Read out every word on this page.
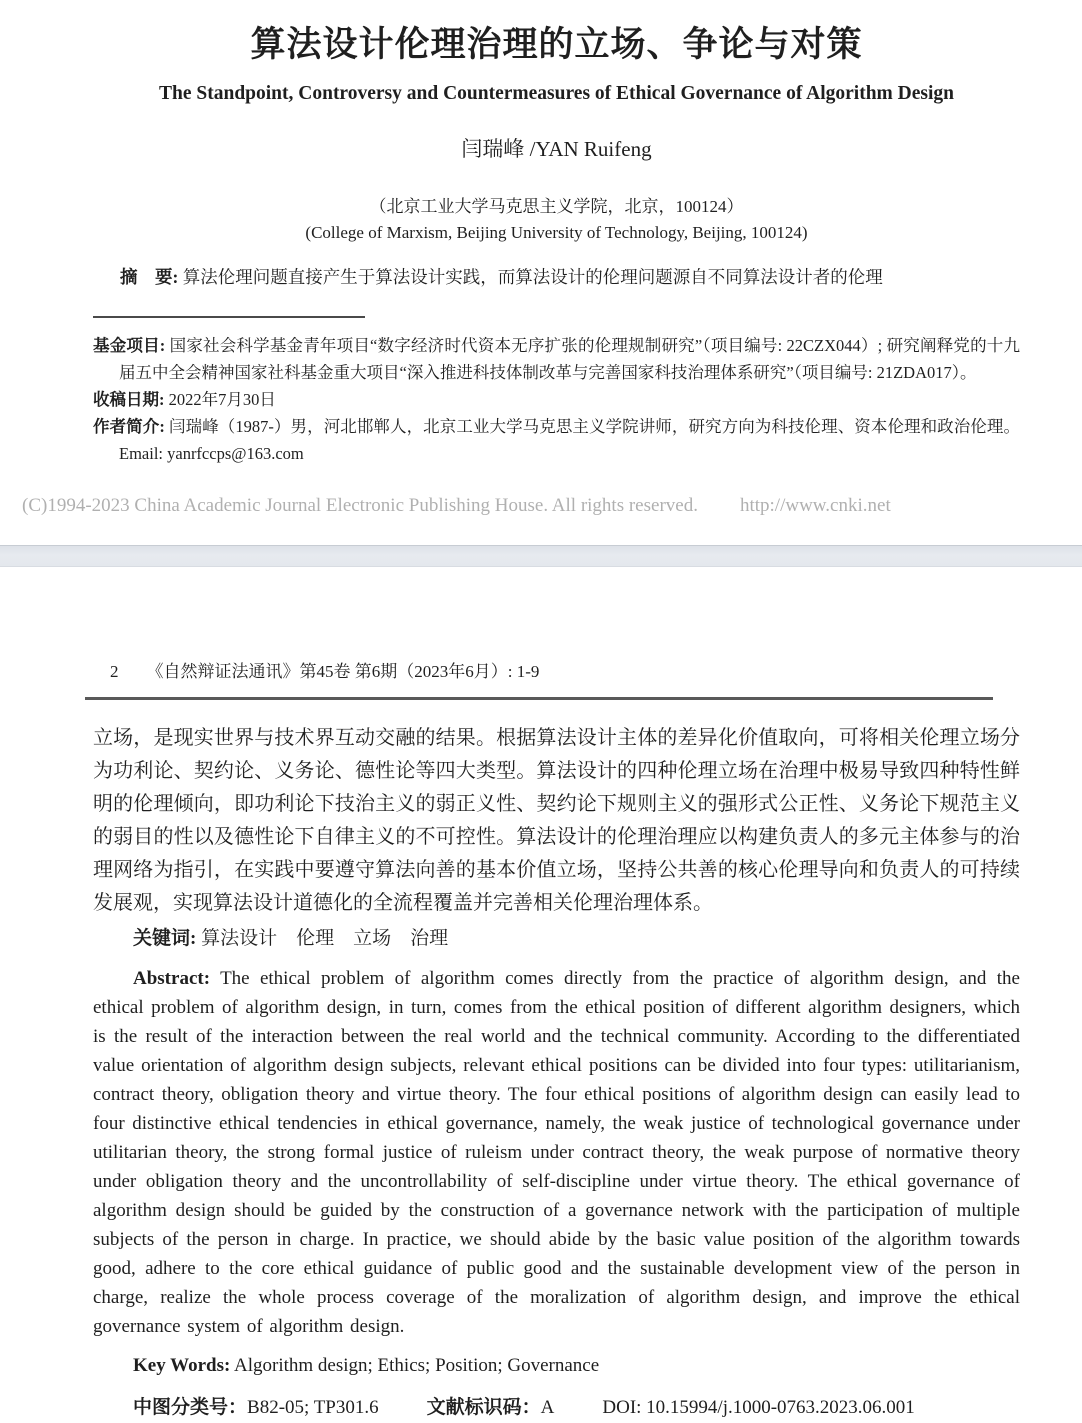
算法设计伦理治理的立场、争论与对策
The Standpoint, Controversy and Countermeasures of Ethical Governance of Algorithm Design
闫瑞峰 /YAN Ruifeng
（北京工业大学马克思主义学院，北京，100124）
(College of Marxism, Beijing University of Technology, Beijing, 100124)
摘　要: 算法伦理问题直接产生于算法设计实践，而算法设计的伦理问题源自不同算法设计者的伦理
基金项目: 国家社会科学基金青年项目“数字经济时代资本无序扩张的伦理规制研究”（项目编号: 22CZX044）; 研究阐释党的十九届五中全会精神国家社科基金重大项目“深入推进科技体制改革与完善国家科技治理体系研究”（项目编号: 21ZDA017）。
收稿日期: 2022年7月30日
作者简介: 闫瑞峰（1987-）男，河北邯郸人，北京工业大学马克思主义学院讲师，研究方向为科技伦理、资本伦理和政治伦理。Email: yanrfccps@163.com
(C)1994-2023 China Academic Journal Electronic Publishing House. All rights reserved. http://www.cnki.net
2 《自然辩证法通讯》第45卷 第6期（2023年6月）: 1-9
立场，是现实世界与技术界互动交融的结果。根据算法设计主体的差异化价值取向，可将相关伦理立场分为功利论、契约论、义务论、德性论等四大类型。算法设计的四种伦理立场在治理中极易导致四种特性鲜明的伦理倾向，即功利论下技治主义的弱正义性、契约论下规则主义的强形式公正性、义务论下规范主义的弱目的性以及德性论下自律主义的不可控性。算法设计的伦理治理应以构建负责人的多元主体参与的治理网络为指引，在实践中要遵守算法向善的基本价值立场，坚持公共善的核心伦理导向和负责人的可持续发展观，实现算法设计道德化的全流程覆盖并完善相关伦理治理体系。
关键词: 算法设计　伦理　立场　治理
Abstract: The ethical problem of algorithm comes directly from the practice of algorithm design, and the ethical problem of algorithm design, in turn, comes from the ethical position of different algorithm designers, which is the result of the interaction between the real world and the technical community. According to the differentiated value orientation of algorithm design subjects, relevant ethical positions can be divided into four types: utilitarianism, contract theory, obligation theory and virtue theory. The four ethical positions of algorithm design can easily lead to four distinctive ethical tendencies in ethical governance, namely, the weak justice of technological governance under utilitarian theory, the strong formal justice of ruleism under contract theory, the weak purpose of normative theory under obligation theory and the uncontrollability of self-discipline under virtue theory. The ethical governance of algorithm design should be guided by the construction of a governance network with the participation of multiple subjects of the person in charge. In practice, we should abide by the basic value position of the algorithm towards good, adhere to the core ethical guidance of public good and the sustainable development view of the person in charge, realize the whole process coverage of the moralization of algorithm design, and improve the ethical governance system of algorithm design.
Key Words: Algorithm design; Ethics; Position; Governance
中图分类号：B82-05; TP301.6	文献标识码：A	DOI: 10.15994/j.1000-0763.2023.06.001
